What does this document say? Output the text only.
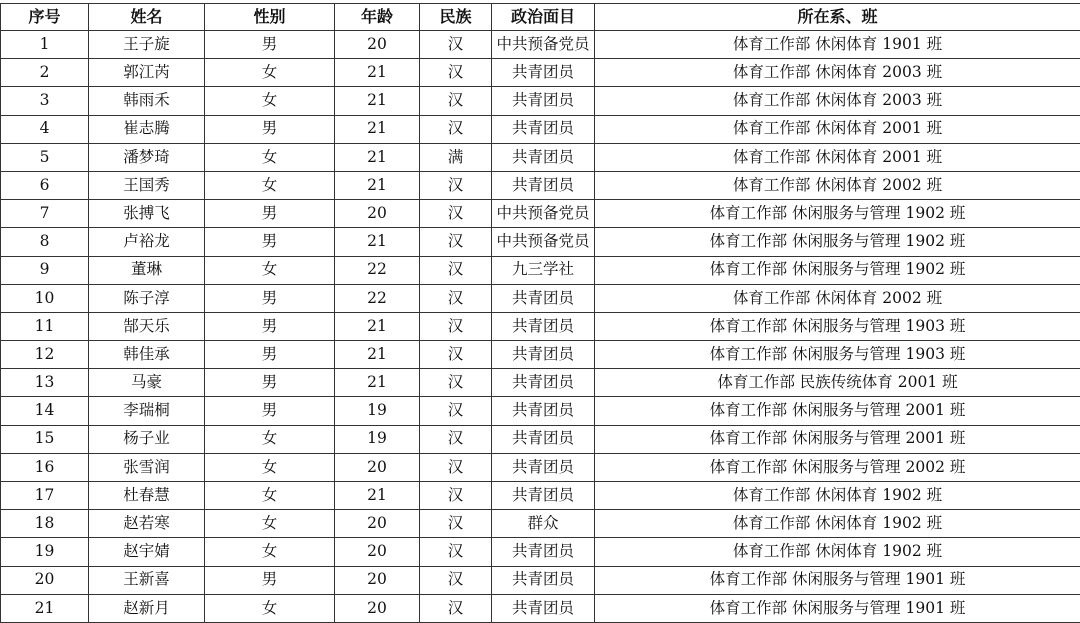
序号	姓名	性别	年龄	民族	政治面目	所在系、班
1	王子旋	男	20	汉	中共预备党员	体育工作部 休闲体育 1901 班
2	郭江芮	女	21	汉	共青团员	体育工作部 休闲体育 2003 班
3	韩雨禾	女	21	汉	共青团员	体育工作部 休闲体育 2003 班
4	崔志腾	男	21	汉	共青团员	体育工作部 休闲体育 2001 班
5	潘梦琦	女	21	满	共青团员	体育工作部 休闲体育 2001 班
6	王国秀	女	21	汉	共青团员	体育工作部 休闲体育 2002 班
7	张搏飞	男	20	汉	中共预备党员	体育工作部 休闲服务与管理 1902 班
8	卢裕龙	男	21	汉	中共预备党员	体育工作部 休闲服务与管理 1902 班
9	董琳	女	22	汉	九三学社	体育工作部 休闲服务与管理 1902 班
10	陈子淳	男	22	汉	共青团员	体育工作部 休闲体育 2002 班
11	郜天乐	男	21	汉	共青团员	体育工作部 休闲服务与管理 1903 班
12	韩佳承	男	21	汉	共青团员	体育工作部 休闲服务与管理 1903 班
13	马豪	男	21	汉	共青团员	体育工作部 民族传统体育 2001 班
14	李瑞桐	男	19	汉	共青团员	体育工作部 休闲服务与管理 2001 班
15	杨子业	女	19	汉	共青团员	体育工作部 休闲服务与管理 2001 班
16	张雪润	女	20	汉	共青团员	体育工作部 休闲服务与管理 2002 班
17	杜春慧	女	21	汉	共青团员	体育工作部 休闲体育 1902 班
18	赵若寒	女	20	汉	群众	体育工作部 休闲体育 1902 班
19	赵宇婧	女	20	汉	共青团员	体育工作部 休闲体育 1902 班
20	王新喜	男	20	汉	共青团员	体育工作部 休闲服务与管理 1901 班
21	赵新月	女	20	汉	共青团员	体育工作部 休闲服务与管理 1901 班
